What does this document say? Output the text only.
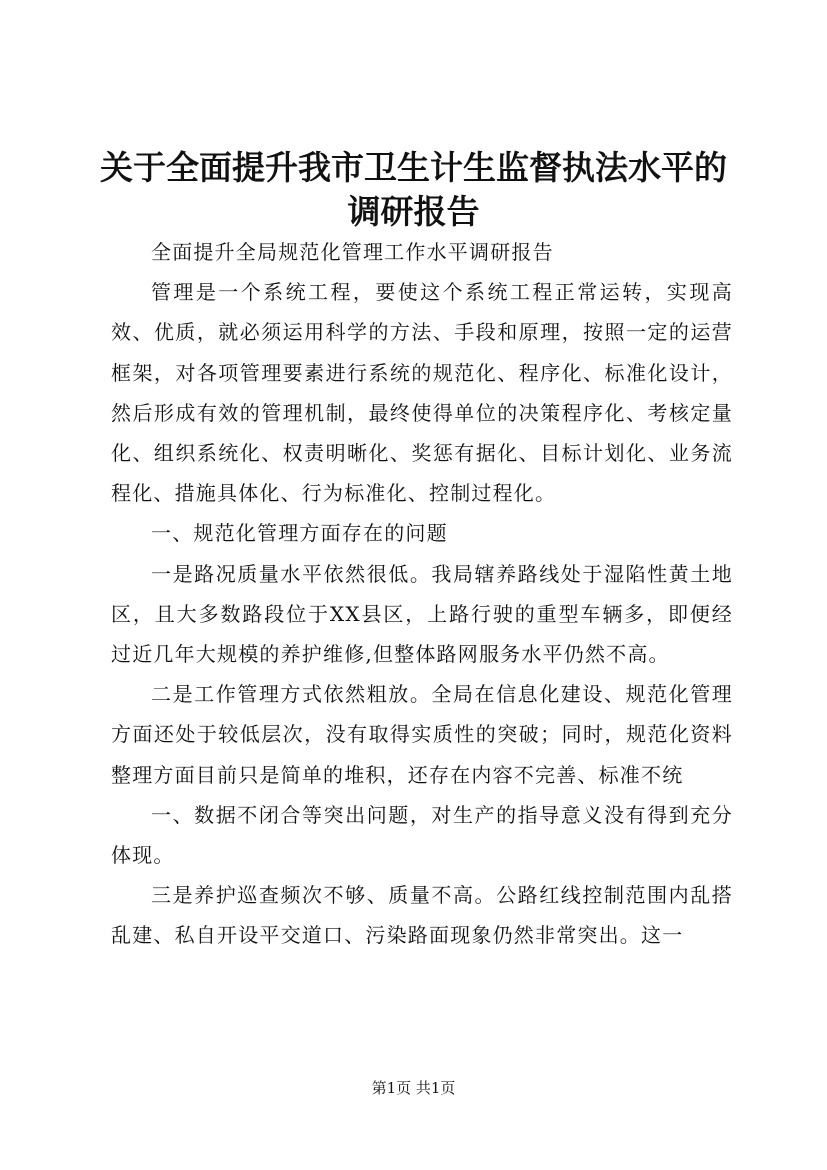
关于全面提升我市卫生计生监督执法水平的调研报告

全面提升全局规范化管理工作水平调研报告

管理是一个系统工程，要使这个系统工程正常运转，实现高效、优质，就必须运用科学的方法、手段和原理，按照一定的运营框架，对各项管理要素进行系统的规范化、程序化、标准化设计，然后形成有效的管理机制，最终使得单位的决策程序化、考核定量化、组织系统化、权责明晰化、奖惩有据化、目标计划化、业务流程化、措施具体化、行为标准化、控制过程化。

一、规范化管理方面存在的问题

一是路况质量水平依然很低。我局辖养路线处于湿陷性黄土地区，且大多数路段位于XX县区，上路行驶的重型车辆多，即便经过近几年大规模的养护维修,但整体路网服务水平仍然不高。

二是工作管理方式依然粗放。全局在信息化建设、规范化管理方面还处于较低层次，没有取得实质性的突破；同时，规范化资料整理方面目前只是简单的堆积，还存在内容不完善、标准不统

一、数据不闭合等突出问题，对生产的指导意义没有得到充分体现。

三是养护巡查频次不够、质量不高。公路红线控制范围内乱搭乱建、私自开设平交道口、污染路面现象仍然非常突出。这一

第1页 共1页
